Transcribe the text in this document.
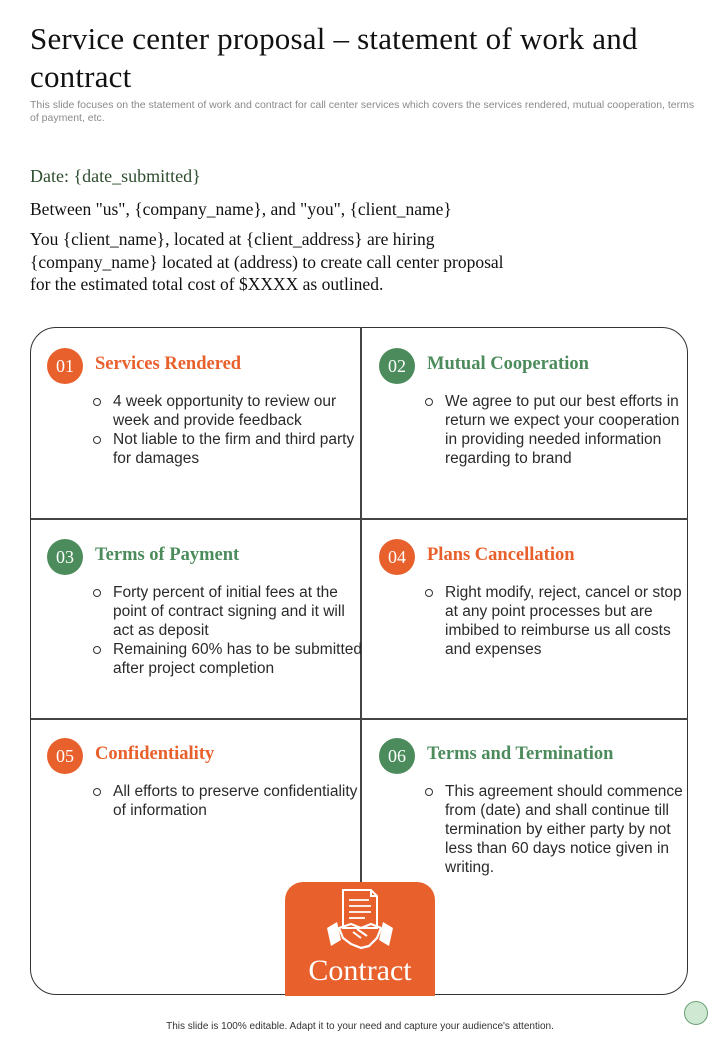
Service center proposal – statement of work and contract
This slide focuses on the statement of work and contract for call center services which covers the services rendered, mutual cooperation, terms of payment, etc.
Date: {date_submitted}
Between "us", {company_name}, and "you", {client_name}
You {client_name}, located at {client_address} are hiring
{company_name} located at (address) to create call center proposal
for the estimated total cost of $XXXX as outlined.
01	Services Rendered
4 week opportunity to review our week and provide feedback
Not liable to the firm and third party for damages
02	Mutual Cooperation
We agree to put our best efforts in return we expect your cooperation in providing needed information regarding to brand
03	Terms of Payment
Forty percent of initial fees at the point of contract signing and it will act as deposit
Remaining 60% has to be submitted after project completion
04	Plans Cancellation
Right modify, reject, cancel or stop at any point processes but are imbibed to reimburse us all costs and expenses
05	Confidentiality
All efforts to preserve confidentiality of information
06	Terms and Termination
This agreement should commence from (date) and shall continue till termination by either party by not less than 60 days notice given in writing.
Contract
This slide is 100% editable. Adapt it to your need and capture your audience's attention.
